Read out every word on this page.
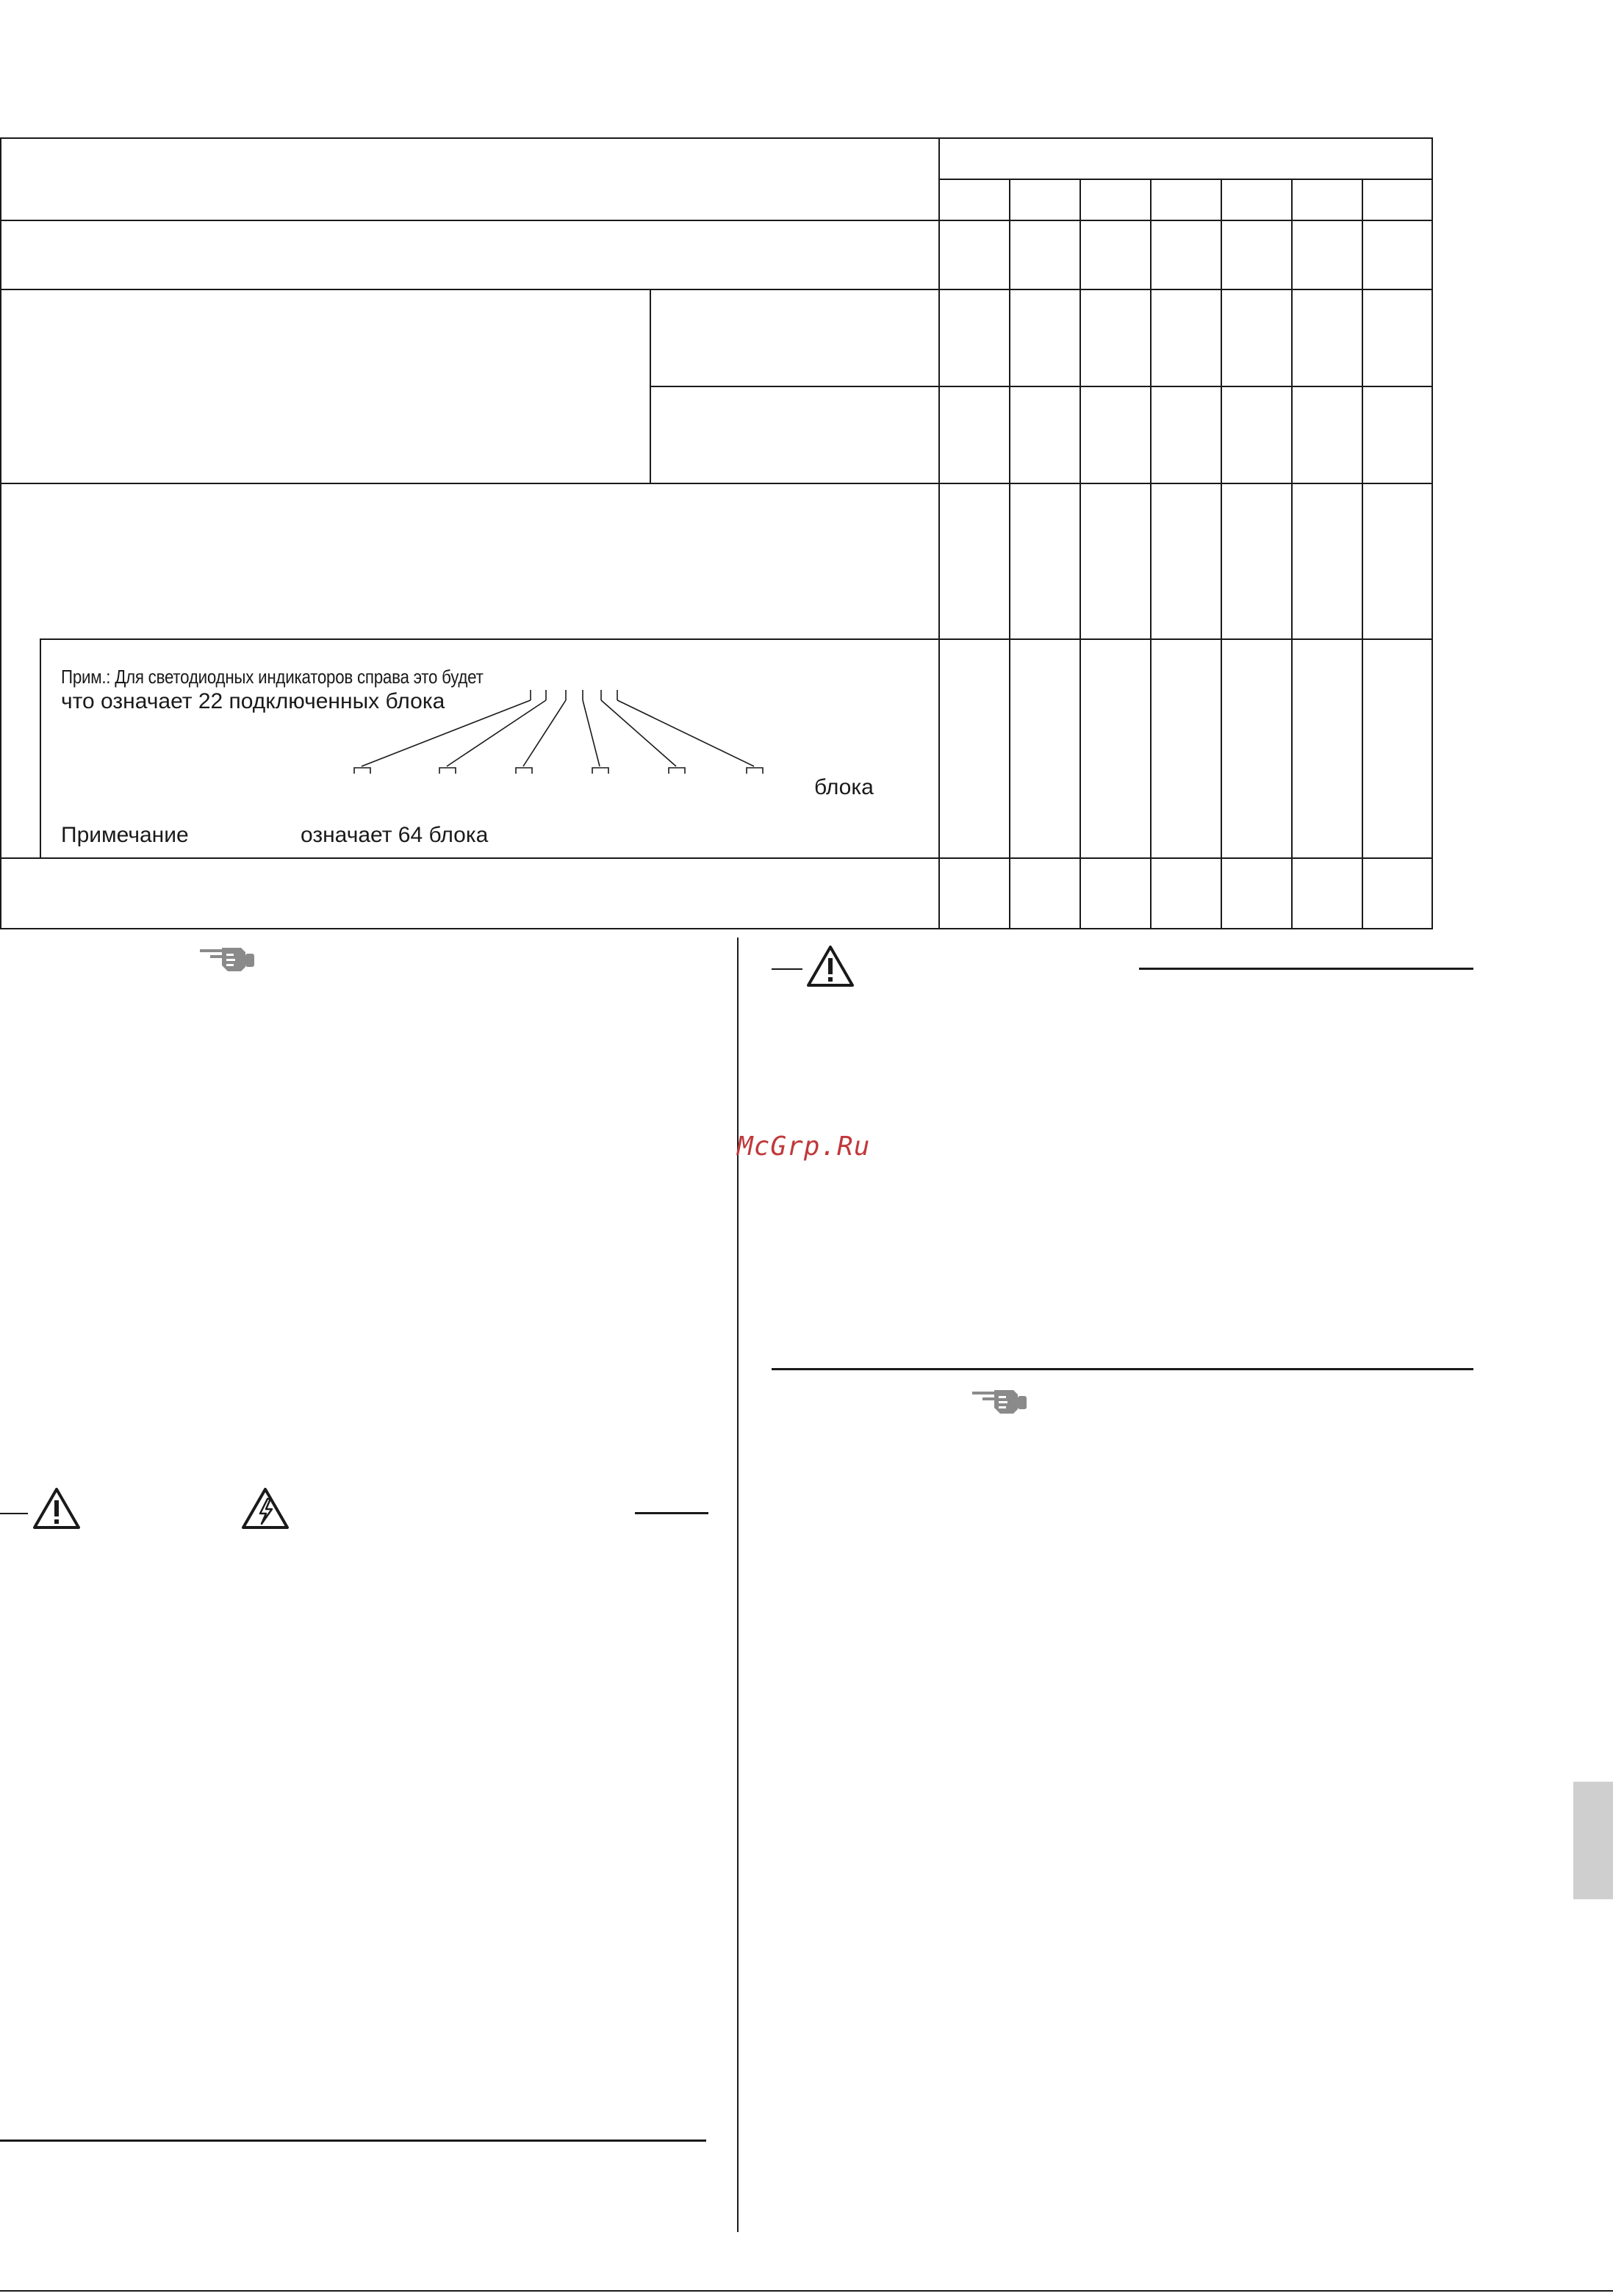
Прим.: Для светодиодных индикаторов справа это будет
что означает 22 подключенных блока
блока
Примечание	означает 64 блока
McGrp.Ru
